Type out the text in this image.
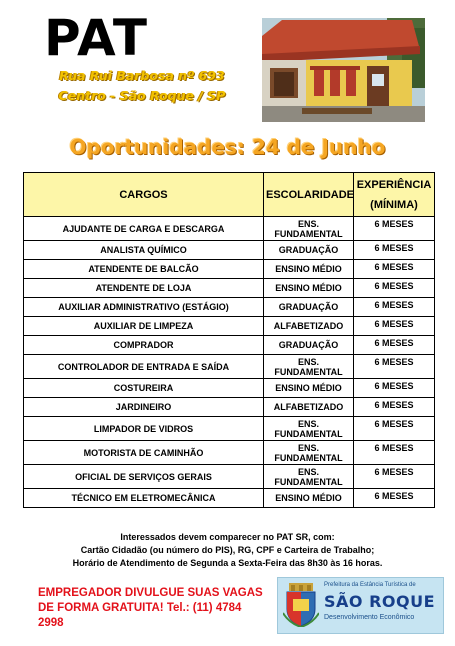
PAT
Rua Rui Barbosa nº 693
Centro - São Roque / SP
Oportunidades: 24 de Junho
CARGOS	ESCOLARIDADE	EXPERIÊNCIA
(MÍNIMA)
AJUDANTE DE CARGA E DESCARGA	ENS. FUNDAMENTAL	6 MESES
ANALISTA QUÍMICO	GRADUAÇÃO	6 MESES
ATENDENTE DE BALCÃO	ENSINO MÉDIO	6 MESES
ATENDENTE DE LOJA	ENSINO MÉDIO	6 MESES
AUXILIAR ADMINISTRATIVO (ESTÁGIO)	GRADUAÇÃO	6 MESES
AUXILIAR DE LIMPEZA	ALFABETIZADO	6 MESES
COMPRADOR	GRADUAÇÃO	6 MESES
CONTROLADOR DE ENTRADA E SAÍDA	ENS. FUNDAMENTAL	6 MESES
COSTUREIRA	ENSINO MÉDIO	6 MESES
JARDINEIRO	ALFABETIZADO	6 MESES
LIMPADOR DE VIDROS	ENS. FUNDAMENTAL	6 MESES
MOTORISTA DE CAMINHÃO	ENS. FUNDAMENTAL	6 MESES
OFICIAL DE SERVIÇOS GERAIS	ENS. FUNDAMENTAL	6 MESES
TÉCNICO EM ELETROMECÂNICA	ENSINO MÉDIO	6 MESES
Interessados devem comparecer no PAT SR, com:
Cartão Cidadão (ou número do PIS), RG, CPF e Carteira de Trabalho;
Horário de Atendimento de Segunda a Sexta-Feira das 8h30 às 16 horas.
EMPREGADOR DIVULGUE SUAS VAGAS
DE FORMA GRATUITA! Tel.: (11) 4784 2998
Prefeitura da Estância Turística de
SÃO ROQUE
Desenvolvimento Econômico
